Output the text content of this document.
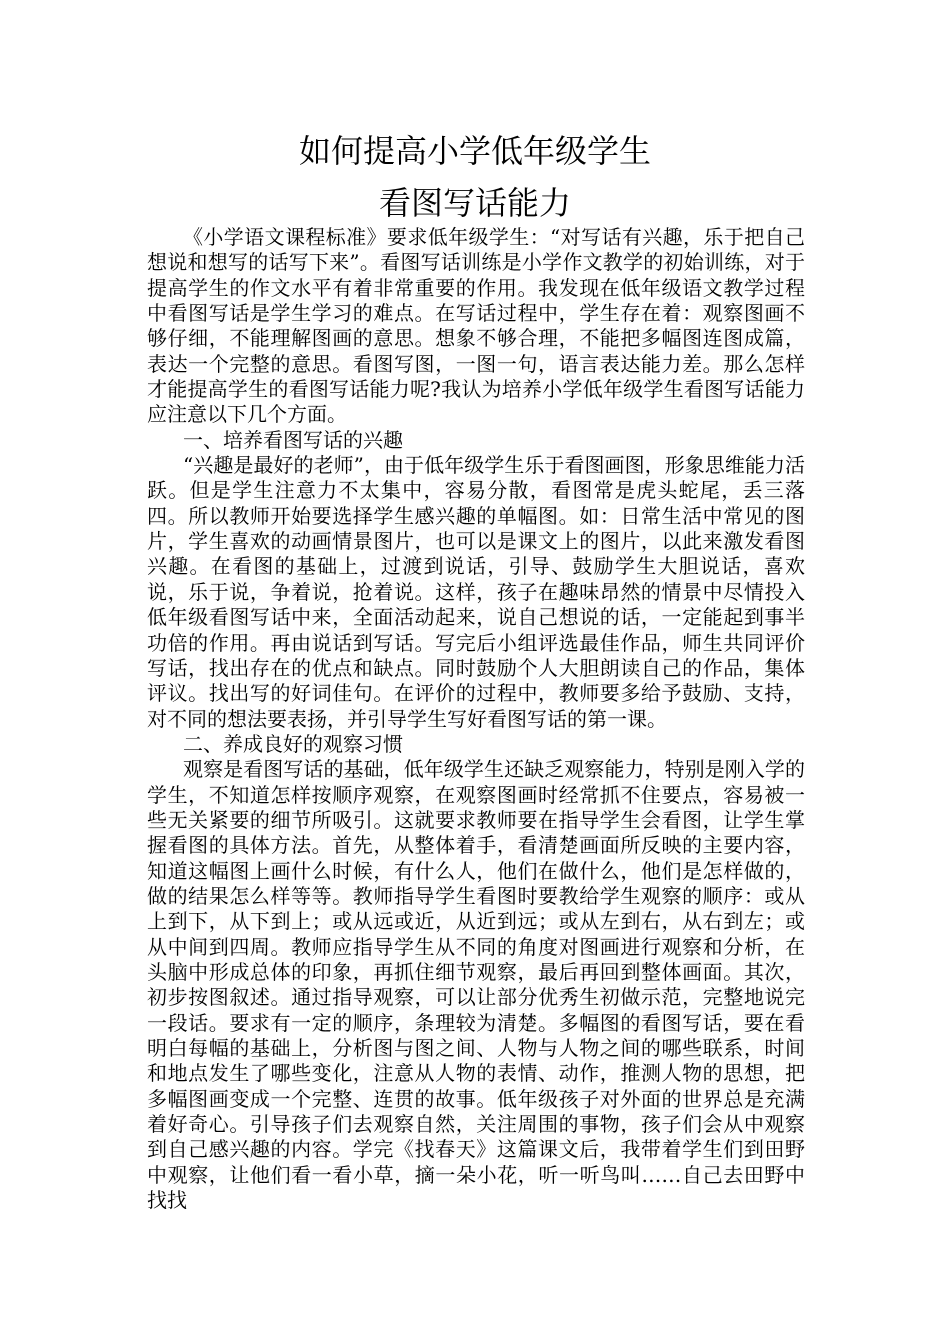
如何提高小学低年级学生
看图写话能力

《小学语文课程标准》要求低年级学生：“对写话有兴趣，乐于把自己想说和想写的话写下来”。看图写话训练是小学作文教学的初始训练，对于提高学生的作文水平有着非常重要的作用。我发现在低年级语文教学过程中看图写话是学生学习的难点。在写话过程中，学生存在着：观察图画不够仔细，不能理解图画的意思。想象不够合理，不能把多幅图连图成篇，表达一个完整的意思。看图写图，一图一句，语言表达能力差。那么怎样才能提高学生的看图写话能力呢?我认为培养小学低年级学生看图写话能力应注意以下几个方面。

一、培养看图写话的兴趣

“兴趣是最好的老师”，由于低年级学生乐于看图画图，形象思维能力活跃。但是学生注意力不太集中，容易分散，看图常是虎头蛇尾，丢三落四。所以教师开始要选择学生感兴趣的单幅图。如：日常生活中常见的图片，学生喜欢的动画情景图片，也可以是课文上的图片，以此来激发看图兴趣。在看图的基础上，过渡到说话，引导、鼓励学生大胆说话，喜欢说，乐于说，争着说，抢着说。这样，孩子在趣味昂然的情景中尽情投入低年级看图写话中来，全面活动起来，说自己想说的话，一定能起到事半功倍的作用。再由说话到写话。写完后小组评选最佳作品，师生共同评价写话，找出存在的优点和缺点。同时鼓励个人大胆朗读自己的作品，集体评议。找出写的好词佳句。在评价的过程中，教师要多给予鼓励、支持，对不同的想法要表扬，并引导学生写好看图写话的第一课。

二、养成良好的观察习惯

观察是看图写话的基础，低年级学生还缺乏观察能力，特别是刚入学的学生，不知道怎样按顺序观察，在观察图画时经常抓不住要点，容易被一些无关紧要的细节所吸引。这就要求教师要在指导学生会看图，让学生掌握看图的具体方法。首先，从整体着手，看清楚画面所反映的主要内容，知道这幅图上画什么时候，有什么人，他们在做什么，他们是怎样做的，做的结果怎么样等等。教师指导学生看图时要教给学生观察的顺序：或从上到下，从下到上；或从远或近，从近到远；或从左到右，从右到左；或从中间到四周。教师应指导学生从不同的角度对图画进行观察和分析，在头脑中形成总体的印象，再抓住细节观察，最后再回到整体画面。其次，初步按图叙述。通过指导观察，可以让部分优秀生初做示范，完整地说完一段话。要求有一定的顺序，条理较为清楚。多幅图的看图写话，要在看明白每幅的基础上，分析图与图之间、人物与人物之间的哪些联系，时间和地点发生了哪些变化，注意从人物的表情、动作，推测人物的思想，把多幅图画变成一个完整、连贯的故事。低年级孩子对外面的世界总是充满着好奇心。引导孩子们去观察自然，关注周围的事物，孩子们会从中观察到自己感兴趣的内容。学完《找春天》这篇课文后，我带着学生们到田野中观察，让他们看一看小草，摘一朵小花，听一听鸟叫……自己去田野中找找
